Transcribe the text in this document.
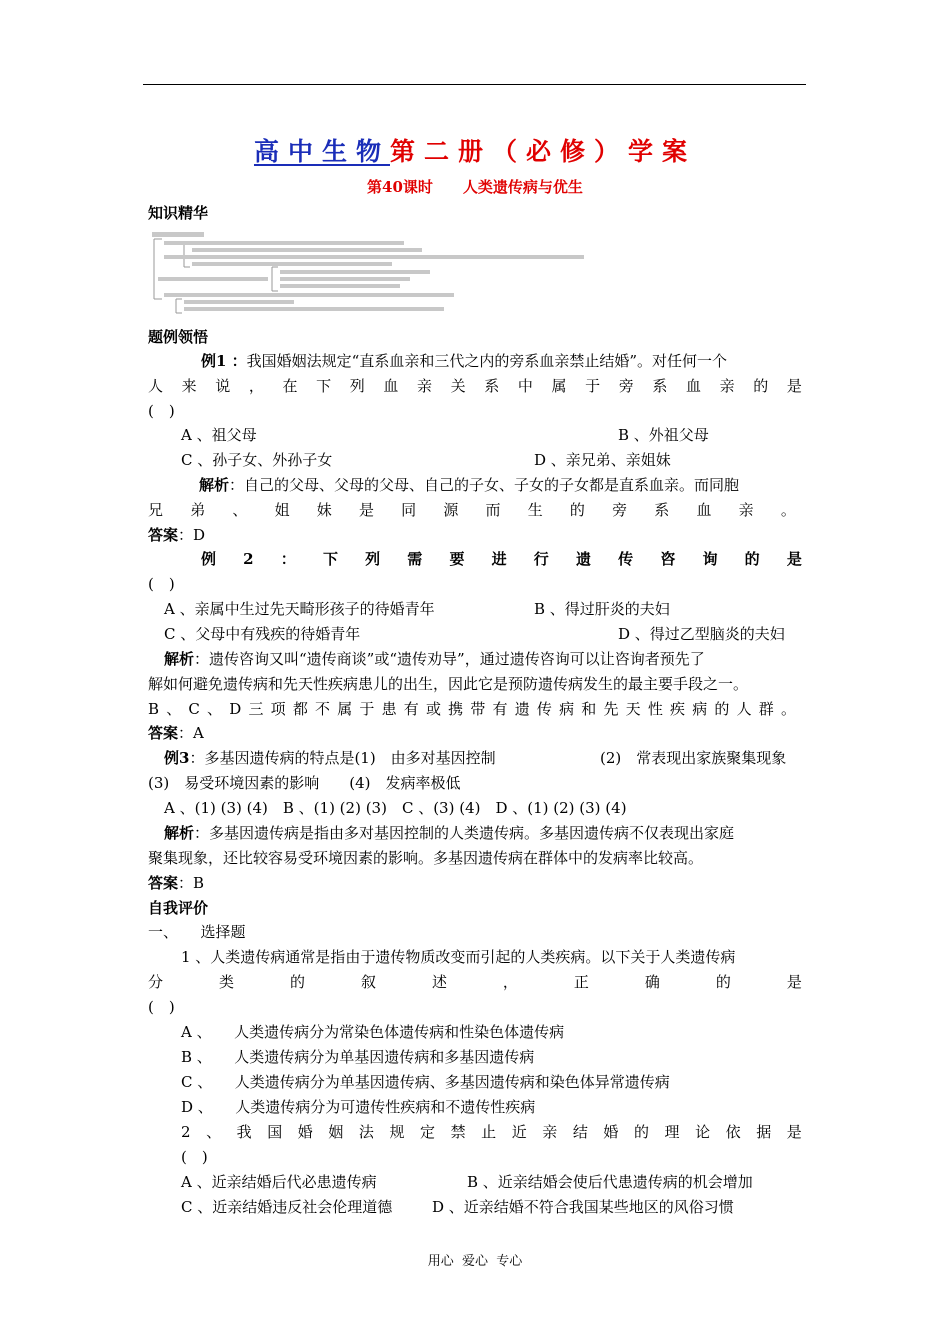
高中生物第二册（必修）学案
第40课时　　人类遗传病与优生
知识精华
题例领悟
例1 ：我国婚姻法规定“直系血亲和三代之内的旁系血亲禁止结婚”。对任何一个
人 来 说 ， 在 下 列 血 亲 关 系 中 属 于 旁 系 血 亲 的 是
(　)
A 、祖父母	B 、外祖父母
C 、孙子女、外孙子女	D 、亲兄弟、亲姐妹
解析：自己的父母、父母的父母、自己的子女、子女的子女都是直系血亲。而同胞
兄 弟 、 姐 妹 是 同 源 而 生 的 旁 系 血 亲 。
答案：D
例 2 ： 下 列 需 要 进 行 遗 传 咨 询 的 是
(　)
A 、亲属中生过先天畸形孩子的待婚青年	B 、得过肝炎的夫妇
C 、父母中有残疾的待婚青年	D 、得过乙型脑炎的夫妇
解析：遗传咨询又叫“遗传商谈”或“遗传劝导”，通过遗传咨询可以让咨询者预先了
解如何避免遗传病和先天性疾病患儿的出生，因此它是预防遗传病发生的最主要手段之一。
B 、 C 、 D 三 项 都 不 属 于 患 有 或 携 带 有 遗 传 病 和 先 天 性 疾 病 的 人 群 。
答案：A
例3：多基因遗传病的特点是(1)　由多对基因控制	(2)　常表现出家族聚集现象
(3)　易受环境因素的影响　　(4)　发病率极低
A 、(1) (3) (4)　B 、(1) (2) (3)　C 、(3) (4)　D 、(1) (2) (3) (4)
解析：多基因遗传病是指由多对基因控制的人类遗传病。多基因遗传病不仅表现出家庭
聚集现象，还比较容易受环境因素的影响。多基因遗传病在群体中的发病率比较高。
答案：B
自我评价
一、　　选择题
1 、人类遗传病通常是指由于遗传物质改变而引起的人类疾病。以下关于人类遗传病
分	类	的	叙	述	，	正	确	的	是
(　)
A 、　　人类遗传病分为常染色体遗传病和性染色体遗传病
B 、　　人类遗传病分为单基因遗传病和多基因遗传病
C 、　　人类遗传病分为单基因遗传病、多基因遗传病和染色体异常遗传病
D 、　　人类遗传病分为可遗传性疾病和不遗传性疾病
2 、 我 国 婚 姻 法 规 定 禁 止 近 亲 结 婚 的 理 论 依 据 是
(　)
A 、近亲结婚后代必患遗传病	B 、近亲结婚会使后代患遗传病的机会增加
C 、近亲结婚违反社会伦理道德	D 、近亲结婚不符合我国某些地区的风俗习惯
用心  爱心  专心
